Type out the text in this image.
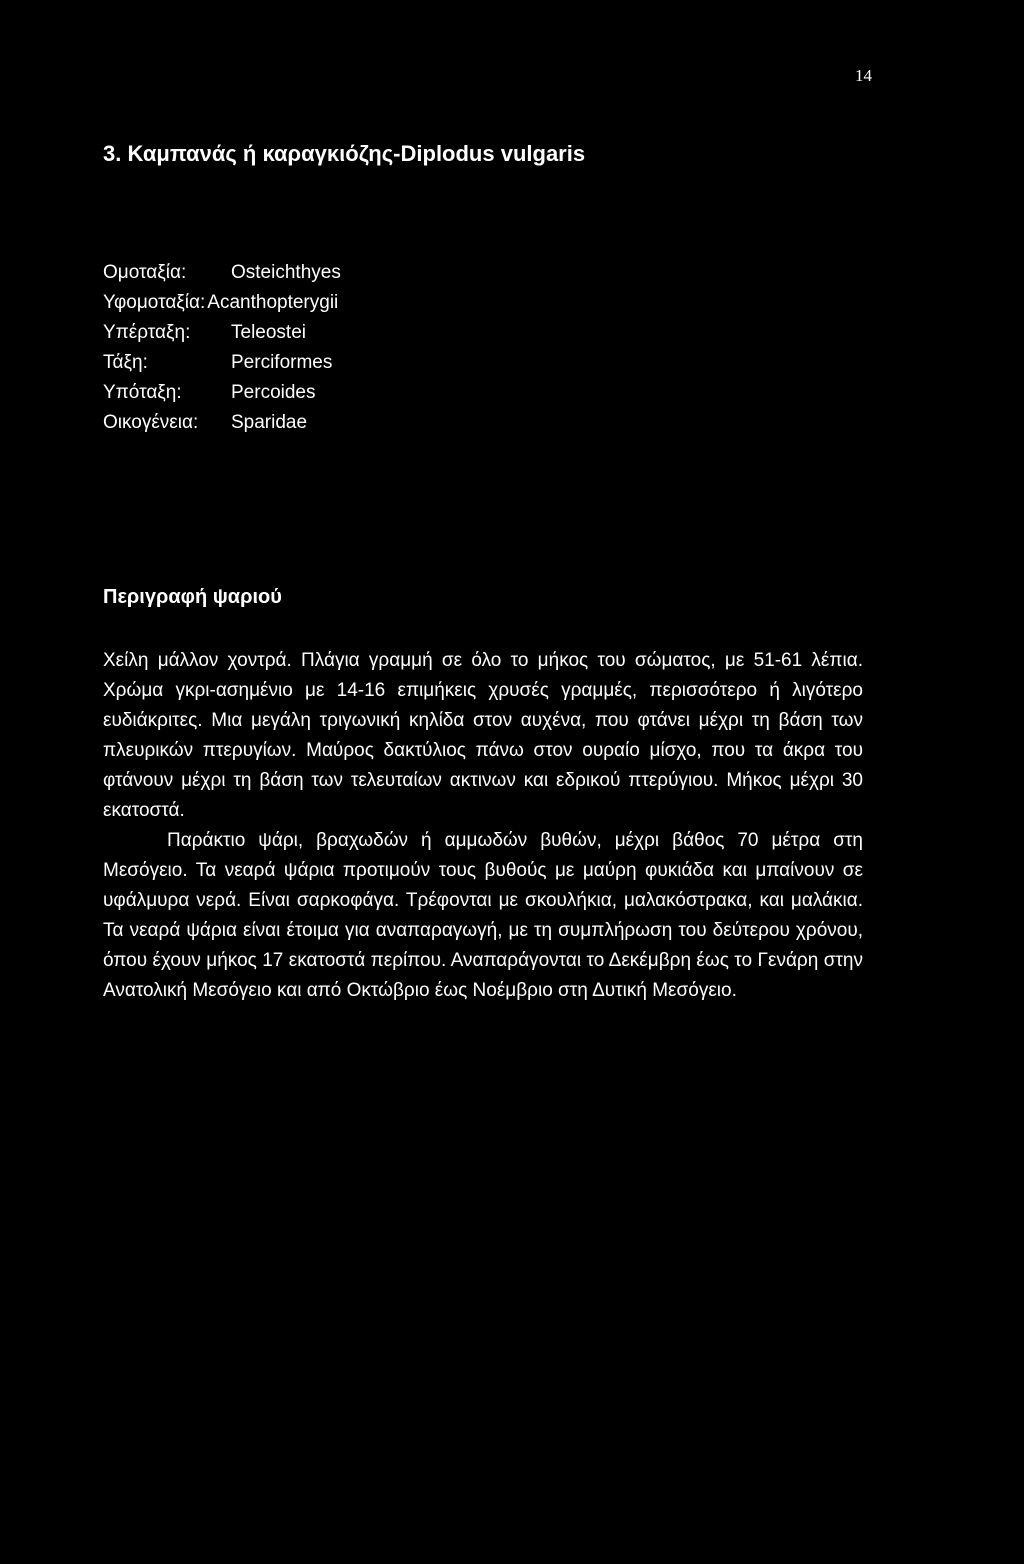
14
3. Καμπανάς ή καραγκιόζης-Diplodus vulgaris
Ομοταξία:	Osteichthyes
Υφομοταξία: Acanthopterygii
Υπέρταξη:	Teleostei
Τάξη:	Perciformes
Υπόταξη:	Percoides
Οικογένεια:	Sparidae
Περιγραφή ψαριού

Χείλη μάλλον χοντρά. Πλάγια γραμμή σε όλο το μήκος του σώματος, με 51-61 λέπια. Χρώμα γκρι-ασημένιο με 14-16 επιμήκεις χρυσές γραμμές, περισσότερο ή λιγότερο ευδιάκριτες. Μια μεγάλη τριγωνική κηλίδα στον αυχένα, που φτάνει μέχρι τη βάση των πλευρικών πτερυγίων. Μαύρος δακτύλιος πάνω στον ουραίο μίσχο, που τα άκρα του φτάνουν μέχρι τη βάση των τελευταίων ακτινων και εδρικού πτερύγιου. Μήκος μέχρι 30 εκατοστά.

Παράκτιο ψάρι, βραχωδών ή αμμωδών βυθών, μέχρι βάθος 70 μέτρα στη Μεσόγειο. Τα νεαρά ψάρια προτιμούν τους βυθούς με μαύρη φυκιάδα και μπαίνουν σε υφάλμυρα νερά. Είναι σαρκοφάγα. Τρέφονται με σκουλήκια, μαλακόστρακα, και μαλάκια. Τα νεαρά ψάρια είναι έτοιμα για αναπαραγωγή, με τη συμπλήρωση του δεύτερου χρόνου, όπου έχουν μήκος 17 εκατοστά περίπου. Αναπαράγονται το Δεκέμβρη έως το Γενάρη στην Ανατολική Μεσόγειο και από Οκτώβριο έως Νοέμβριο στη Δυτική Μεσόγειο.
